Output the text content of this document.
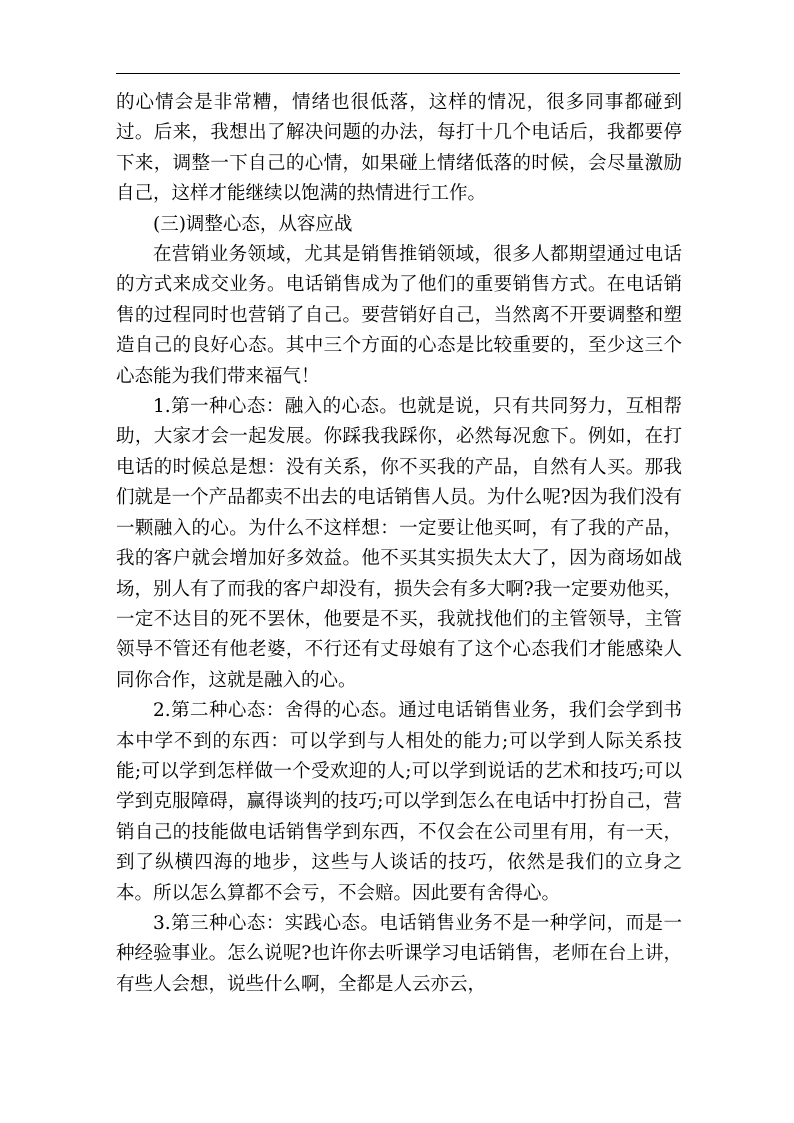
的心情会是非常糟，情绪也很低落，这样的情况，很多同事都碰到过。后来，我想出了解决问题的办法，每打十几个电话后，我都要停下来，调整一下自己的心情，如果碰上情绪低落的时候，会尽量激励自己，这样才能继续以饱满的热情进行工作。

(三)调整心态，从容应战

在营销业务领域，尤其是销售推销领域，很多人都期望通过电话的方式来成交业务。电话销售成为了他们的重要销售方式。在电话销售的过程同时也营销了自己。要营销好自己，当然离不开要调整和塑造自己的良好心态。其中三个方面的心态是比较重要的，至少这三个心态能为我们带来福气！

1.第一种心态：融入的心态。也就是说，只有共同努力，互相帮助，大家才会一起发展。你踩我我踩你，必然每况愈下。例如，在打电话的时候总是想：没有关系，你不买我的产品，自然有人买。那我们就是一个产品都卖不出去的电话销售人员。为什么呢?因为我们没有一颗融入的心。为什么不这样想：一定要让他买呵，有了我的产品，我的客户就会增加好多效益。他不买其实损失太大了，因为商场如战场，别人有了而我的客户却没有，损失会有多大啊?我一定要劝他买，一定不达目的死不罢休，他要是不买，我就找他们的主管领导，主管领导不管还有他老婆，不行还有丈母娘有了这个心态我们才能感染人同你合作，这就是融入的心。

2.第二种心态：舍得的心态。通过电话销售业务，我们会学到书本中学不到的东西：可以学到与人相处的能力;可以学到人际关系技能;可以学到怎样做一个受欢迎的人;可以学到说话的艺术和技巧;可以学到克服障碍，赢得谈判的技巧;可以学到怎么在电话中打扮自己，营销自己的技能做电话销售学到东西，不仅会在公司里有用，有一天，到了纵横四海的地步，这些与人谈话的技巧，依然是我们的立身之本。所以怎么算都不会亏，不会赔。因此要有舍得心。

3.第三种心态：实践心态。电话销售业务不是一种学问，而是一种经验事业。怎么说呢?也许你去听课学习电话销售，老师在台上讲，有些人会想，说些什么啊，全都是人云亦云，
